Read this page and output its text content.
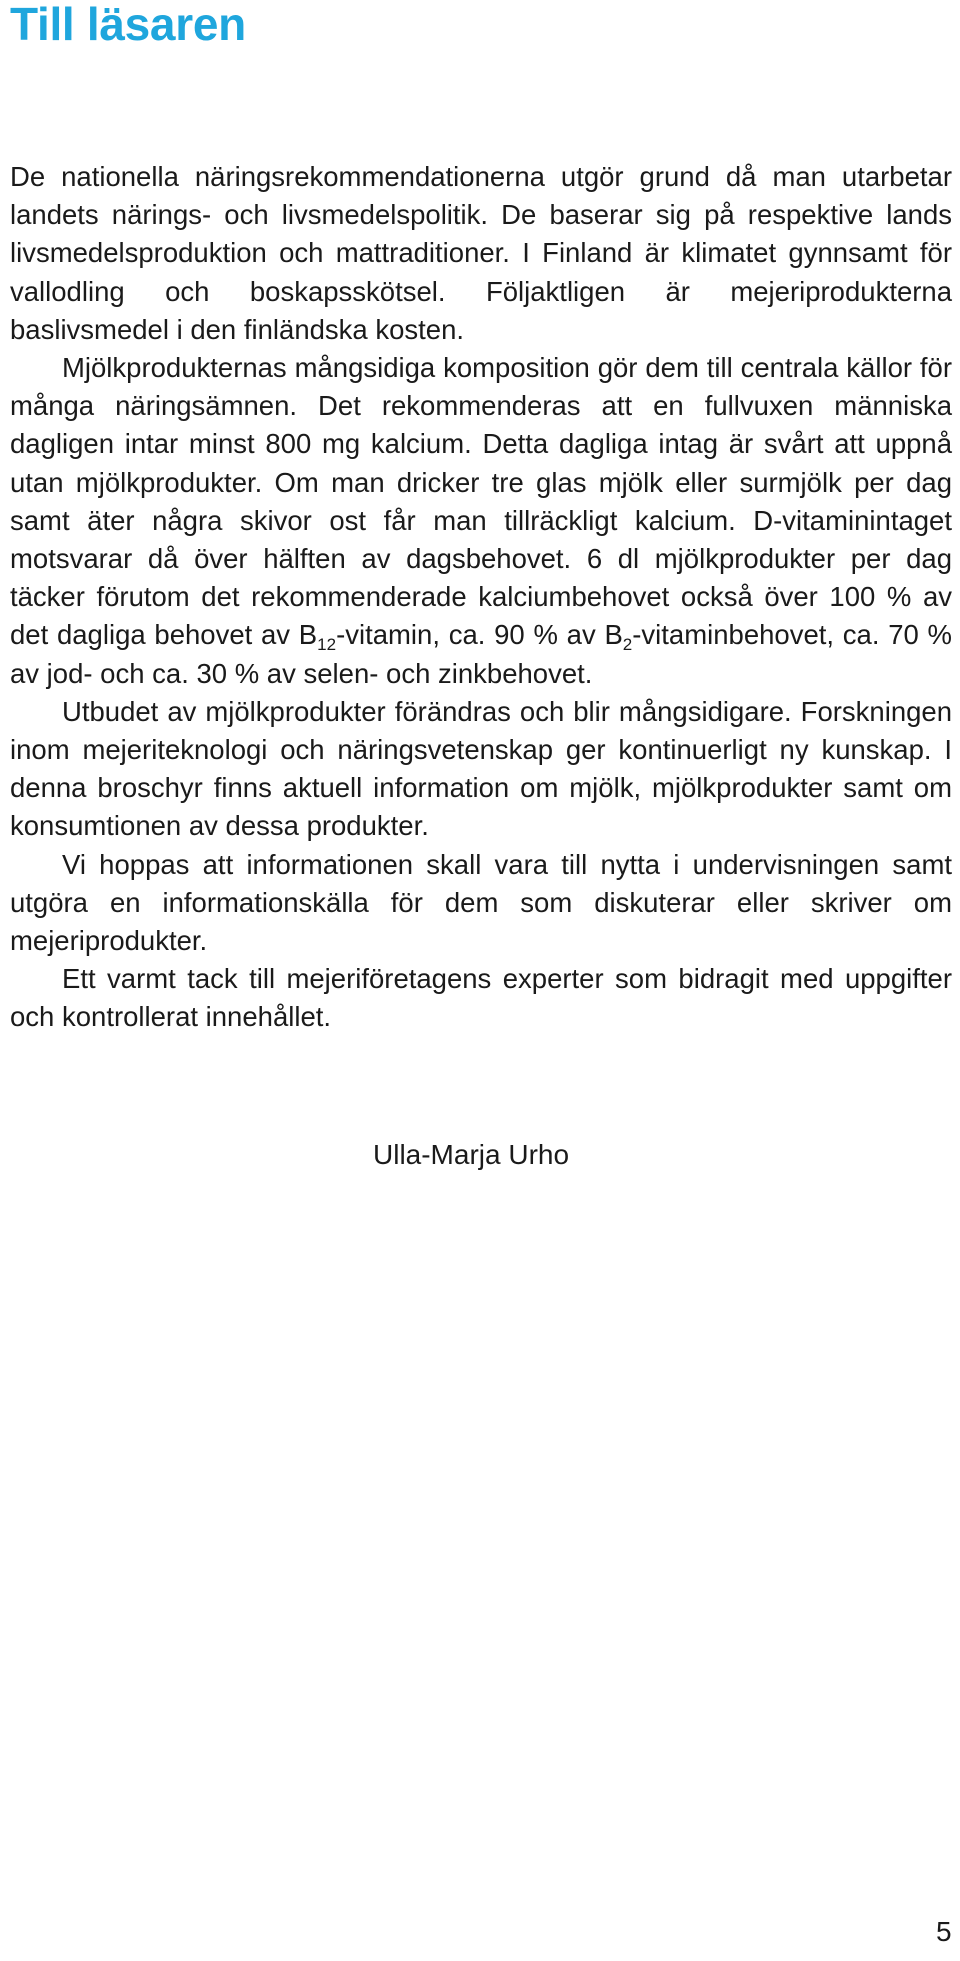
Till läsaren

De nationella näringsrekommendationerna utgör grund då man utarbetar landets närings- och livsmedelspolitik. De baserar sig på respektive lands livsmedelsproduktion och mattraditioner. I Finland är klimatet gynnsamt för vallodling och boskapsskötsel. Följaktligen är mejeriprodukterna baslivsmedel i den finländska kosten.

Mjölkprodukternas mångsidiga komposition gör dem till centrala källor för många näringsämnen. Det rekommenderas att en fullvuxen människa dagligen intar minst 800 mg kalcium. Detta dagliga intag är svårt att uppnå utan mjölkprodukter. Om man dricker tre glas mjölk eller surmjölk per dag samt äter några skivor ost får man tillräckligt kalcium. D-vitaminintaget motsvarar då över hälften av dagsbehovet. 6 dl mjölkprodukter per dag täcker förutom det rekommenderade kalciumbehovet också över 100 % av det dagliga behovet av $B_{12}$-vitamin, ca. 90 % av $B_2$-vitaminbehovet, ca. 70 % av jod- och ca. 30 % av selen- och zinkbehovet.

Utbudet av mjölkprodukter förändras och blir mångsidigare. Forskningen inom mejeriteknologi och näringsvetenskap ger kontinuerligt ny kunskap. I denna broschyr finns aktuell information om mjölk, mjölkprodukter samt om konsumtionen av dessa produkter.

Vi hoppas att informationen skall vara till nytta i undervisningen samt utgöra en informationskälla för dem som diskuterar eller skriver om mejeriprodukter.

Ett varmt tack till mejeriföretagens experter som bidragit med uppgifter och kontrollerat innehållet.

Ulla-Marja Urho

5
